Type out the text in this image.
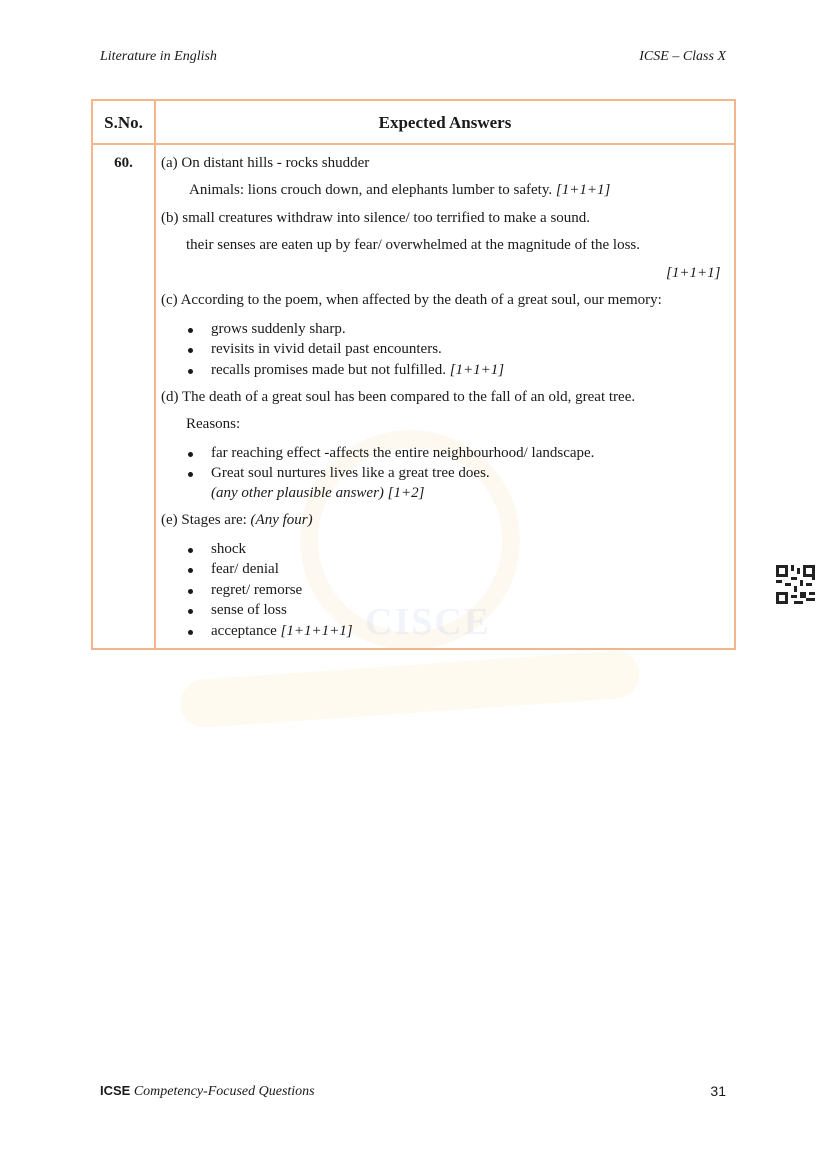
CISCE
Literature in English	ICSE – Class X
S.No.	Expected Answers
60.	(a) On distant hills - rocks shudder
Animals: lions crouch down, and elephants lumber to safety. [1+1+1]
(b) small creatures withdraw into silence/ too terrified to make a sound.
their senses are eaten up by fear/ overwhelmed at the magnitude of the loss.
[1+1+1]
(c) According to the poem, when affected by the death of a great soul, our memory:
grows suddenly sharp.
revisits in vivid detail past encounters.
recalls promises made but not fulfilled. [1+1+1]
(d) The death of a great soul has been compared to the fall of an old, great tree.
Reasons:
far reaching effect -affects the entire neighbourhood/ landscape.
Great soul nurtures lives like a great tree does.
(any other plausible answer) [1+2]
(e) Stages are: (Any four)
shock
fear/ denial
regret/ remorse
sense of loss
acceptance [1+1+1+1]
ICSE Competency-Focused Questions	31
